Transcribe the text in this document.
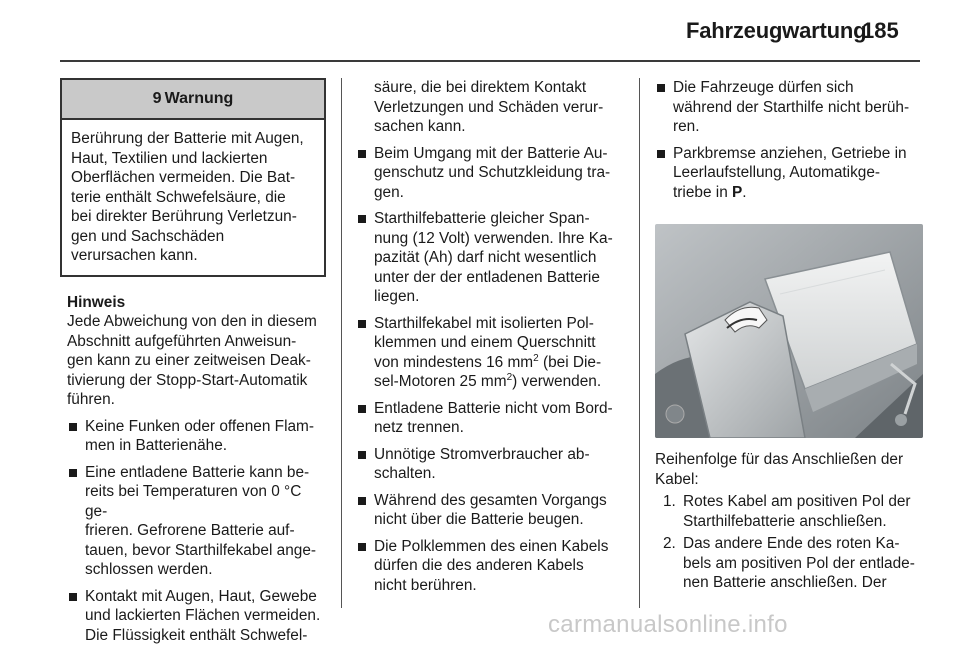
Fahrzeugwartung
185
9 Warnung
Berührung der Batterie mit Augen,
Haut, Textilien und lackierten
Oberflächen vermeiden. Die Bat-
terie enthält Schwefelsäure, die
bei direkter Berührung Verletzun-
gen und Sachschäden
verursachen kann.
Hinweis
Jede Abweichung von den in diesem
Abschnitt aufgeführten Anweisun-
gen kann zu einer zeitweisen Deak-
tivierung der Stopp-Start-Automatik
führen.
Keine Funken oder offenen Flam-
men in Batterienähe.
Eine entladene Batterie kann be-
reits bei Temperaturen von 0 °C ge-
frieren. Gefrorene Batterie auf-
tauen, bevor Starthilfekabel ange-
schlossen werden.
Kontakt mit Augen, Haut, Gewebe
und lackierten Flächen vermeiden.
Die Flüssigkeit enthält Schwefel-
säure, die bei direktem Kontakt
Verletzungen und Schäden verur-
sachen kann.
Beim Umgang mit der Batterie Au-
genschutz und Schutzkleidung tra-
gen.
Starthilfebatterie gleicher Span-
nung (12 Volt) verwenden. Ihre Ka-
pazität (Ah) darf nicht wesentlich
unter der der entladenen Batterie
liegen.
Starthilfekabel mit isolierten Pol-
klemmen und einem Querschnitt
von mindestens 16 $mm^2$ (bei Die-
sel-Motoren 25 $mm^2$) verwenden.
Entladene Batterie nicht vom Bord-
netz trennen.
Unnötige Stromverbraucher ab-
schalten.
Während des gesamten Vorgangs
nicht über die Batterie beugen.
Die Polklemmen des einen Kabels
dürfen die des anderen Kabels
nicht berühren.
Die Fahrzeuge dürfen sich
während der Starthilfe nicht berüh-
ren.
Parkbremse anziehen, Getriebe in
Leerlaufstellung, Automatikge-
triebe in P.
Reihenfolge für das Anschließen der
Kabel:
1. Rotes Kabel am positiven Pol der
Starthilfebatterie anschließen.
2. Das andere Ende des roten Ka-
bels am positiven Pol der entlade-
nen Batterie anschließen. Der
carmanualsonline.info
